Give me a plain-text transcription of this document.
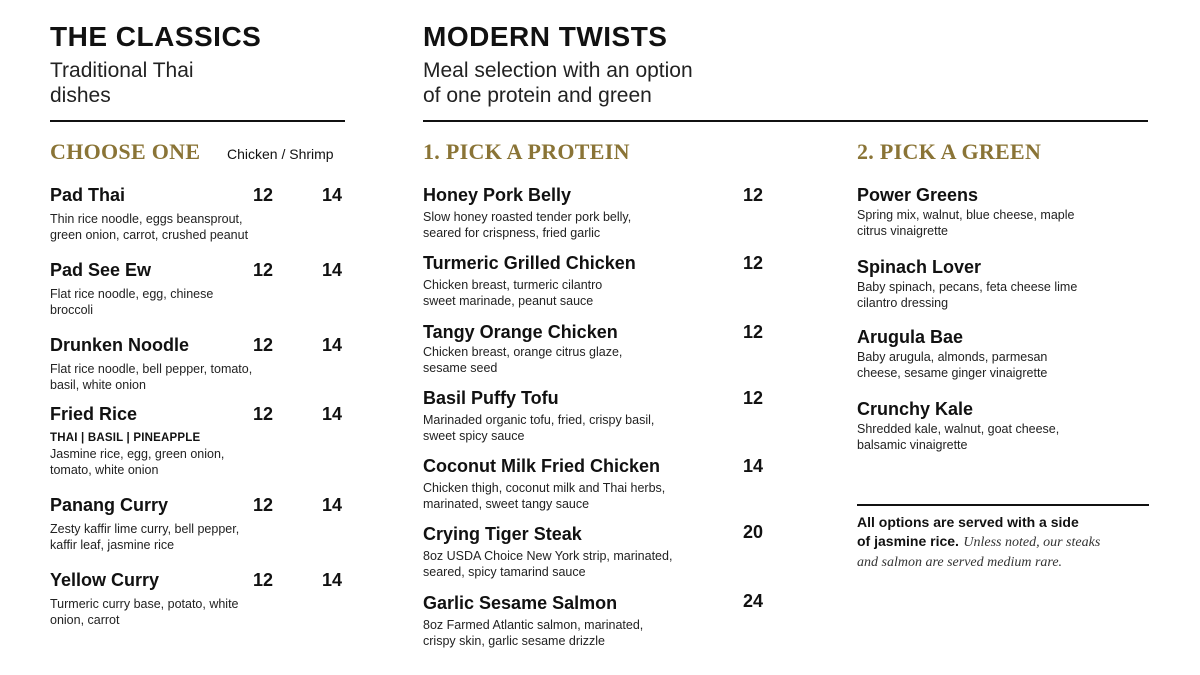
THE CLASSICS
Traditional Thai
dishes
CHOOSE ONE Chicken / Shrimp
Pad Thai	12	14
Thin rice noodle, eggs beansprout,
green onion, carrot, crushed peanut
Pad See Ew	12	14
Flat rice noodle, egg, chinese
broccoli
Drunken Noodle	12	14
Flat rice noodle, bell pepper, tomato,
basil, white onion
Fried Rice	12	14
THAI | BASIL | PINEAPPLE
Jasmine rice, egg, green onion,
tomato, white onion
Panang Curry	12	14
Zesty kaffir lime curry, bell pepper,
kaffir leaf, jasmine rice
Yellow Curry	12	14
Turmeric curry base, potato, white
onion, carrot
MODERN TWISTS
Meal selection with an option
of one protein and green
1. PICK A PROTEIN
Honey Pork Belly	12
Slow honey roasted tender pork belly,
seared for crispness, fried garlic
Turmeric Grilled Chicken	12
Chicken breast, turmeric cilantro
sweet marinade, peanut sauce
Tangy Orange Chicken	12
Chicken breast, orange citrus glaze,
sesame seed
Basil Puffy Tofu	12
Marinaded organic tofu, fried, crispy basil,
sweet spicy sauce
Coconut Milk Fried Chicken	14
Chicken thigh, coconut milk and Thai herbs,
marinated, sweet tangy sauce
Crying Tiger Steak	20
8oz USDA Choice New York strip, marinated,
seared, spicy tamarind sauce
Garlic Sesame Salmon	24
8oz Farmed Atlantic salmon, marinated,
crispy skin, garlic sesame drizzle
2. PICK A GREEN
Power Greens
Spring mix, walnut, blue cheese, maple
citrus vinaigrette
Spinach Lover
Baby spinach, pecans, feta cheese lime
cilantro dressing
Arugula Bae
Baby arugula, almonds, parmesan
cheese, sesame ginger vinaigrette
Crunchy Kale
Shredded kale, walnut, goat cheese,
balsamic vinaigrette
All options are served with a side
of jasmine rice. Unless noted, our steaks
and salmon are served medium rare.
